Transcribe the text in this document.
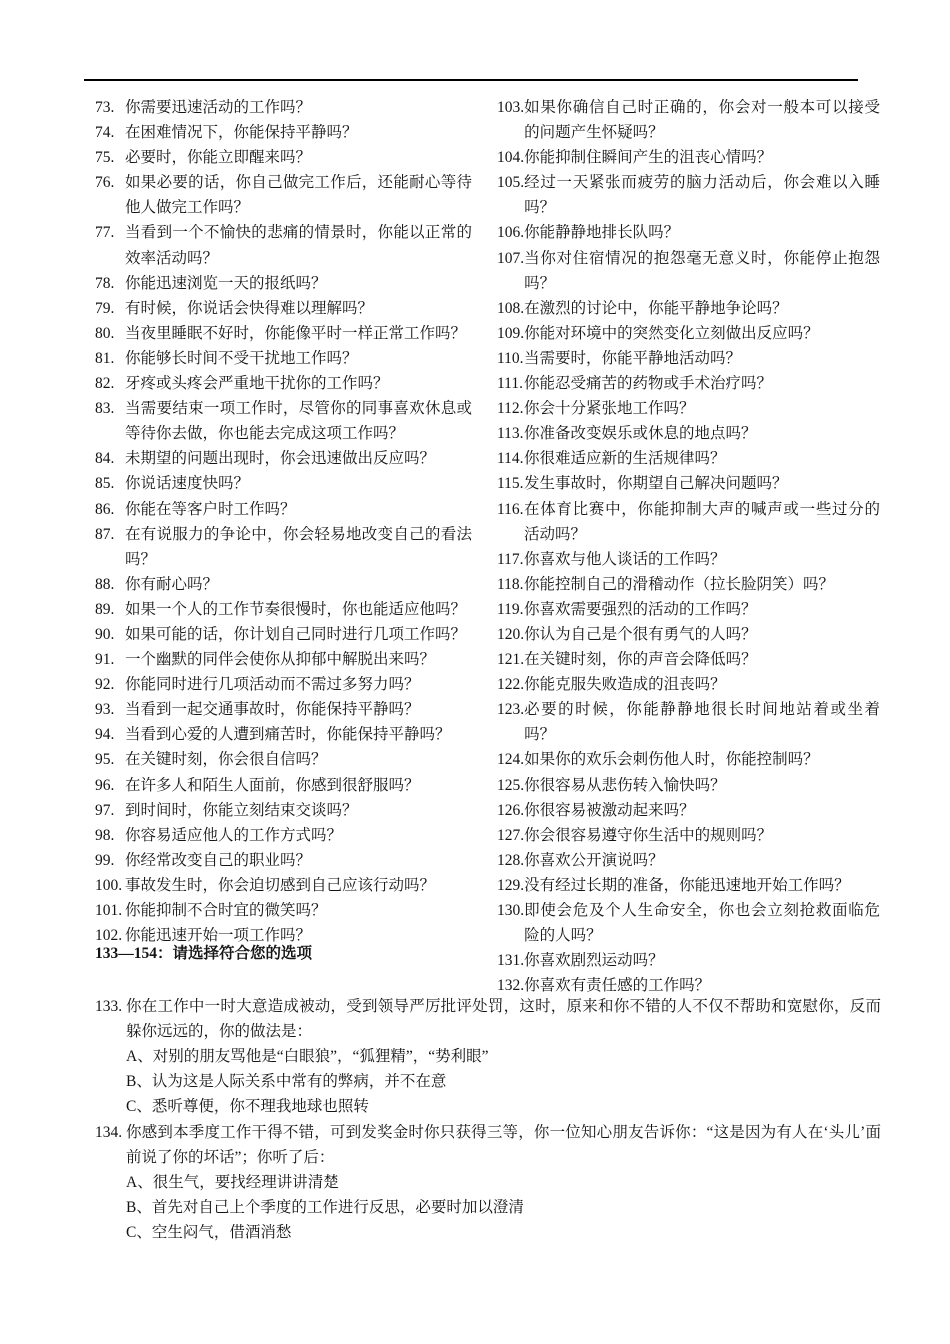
73. 你需要迅速活动的工作吗？
74. 在困难情况下，你能保持平静吗？
75. 必要时，你能立即醒来吗？
76. 如果必要的话，你自己做完工作后，还能耐心等待他人做完工作吗？
77. 当看到一个不愉快的悲痛的情景时，你能以正常的效率活动吗？
78. 你能迅速浏览一天的报纸吗？
79. 有时候，你说话会快得难以理解吗？
80. 当夜里睡眠不好时，你能像平时一样正常工作吗？
81. 你能够长时间不受干扰地工作吗？
82. 牙疼或头疼会严重地干扰你的工作吗？
83. 当需要结束一项工作时，尽管你的同事喜欢休息或等待你去做，你也能去完成这项工作吗？
84. 未期望的问题出现时，你会迅速做出反应吗？
85. 你说话速度快吗？
86. 你能在等客户时工作吗？
87. 在有说服力的争论中，你会轻易地改变自己的看法吗？
88. 你有耐心吗？
89. 如果一个人的工作节奏很慢时，你也能适应他吗？
90. 如果可能的话，你计划自己同时进行几项工作吗？
91. 一个幽默的同伴会使你从抑郁中解脱出来吗？
92. 你能同时进行几项活动而不需过多努力吗？
93. 当看到一起交通事故时，你能保持平静吗？
94. 当看到心爱的人遭到痛苦时，你能保持平静吗？
95. 在关键时刻，你会很自信吗？
96. 在许多人和陌生人面前，你感到很舒服吗？
97. 到时间时，你能立刻结束交谈吗？
98. 你容易适应他人的工作方式吗？
99. 你经常改变自己的职业吗？
100. 事故发生时，你会迫切感到自己应该行动吗？
101. 你能抑制不合时宜的微笑吗？
102. 你能迅速开始一项工作吗？
103. 如果你确信自己时正确的，你会对一般本可以接受的问题产生怀疑吗？
104. 你能抑制住瞬间产生的沮丧心情吗？
105. 经过一天紧张而疲劳的脑力活动后，你会难以入睡吗？
106. 你能静静地排长队吗？
107. 当你对住宿情况的抱怨毫无意义时，你能停止抱怨吗？
108. 在激烈的讨论中，你能平静地争论吗？
109. 你能对环境中的突然变化立刻做出反应吗？
110. 当需要时，你能平静地活动吗？
111. 你能忍受痛苦的药物或手术治疗吗？
112. 你会十分紧张地工作吗？
113. 你准备改变娱乐或休息的地点吗？
114. 你很难适应新的生活规律吗？
115. 发生事故时，你期望自己解决问题吗？
116. 在体育比赛中，你能抑制大声的喊声或一些过分的活动吗？
117. 你喜欢与他人谈话的工作吗？
118. 你能控制自己的滑稽动作（拉长脸阴笑）吗？
119. 你喜欢需要强烈的活动的工作吗？
120. 你认为自己是个很有勇气的人吗？
121. 在关键时刻，你的声音会降低吗？
122. 你能克服失败造成的沮丧吗？
123. 必要的时候，你能静静地很长时间地站着或坐着吗？
124. 如果你的欢乐会刺伤他人时，你能控制吗？
125. 你很容易从悲伤转入愉快吗？
126. 你很容易被激动起来吗？
127. 你会很容易遵守你生活中的规则吗？
128. 你喜欢公开演说吗？
129. 没有经过长期的准备，你能迅速地开始工作吗？
130. 即使会危及个人生命安全，你也会立刻抢救面临危险的人吗？
131. 你喜欢剧烈运动吗？
132. 你喜欢有责任感的工作吗？
133—154：请选择符合您的选项
133. 你在工作中一时大意造成被动，受到领导严厉批评处罚，这时，原来和你不错的人不仅不帮助和宽慰你，反而躲你远远的，你的做法是：
A、对别的朋友骂他是“白眼狼”，“狐狸精”，“势利眼”
B、认为这是人际关系中常有的弊病，并不在意
C、悉听尊便，你不理我地球也照转
134. 你感到本季度工作干得不错，可到发奖金时你只获得三等，你一位知心朋友告诉你：“这是因为有人在‘头儿’面前说了你的坏话”；你听了后：
A、很生气，要找经理讲讲清楚
B、首先对自己上个季度的工作进行反思，必要时加以澄清
C、空生闷气，借酒消愁
